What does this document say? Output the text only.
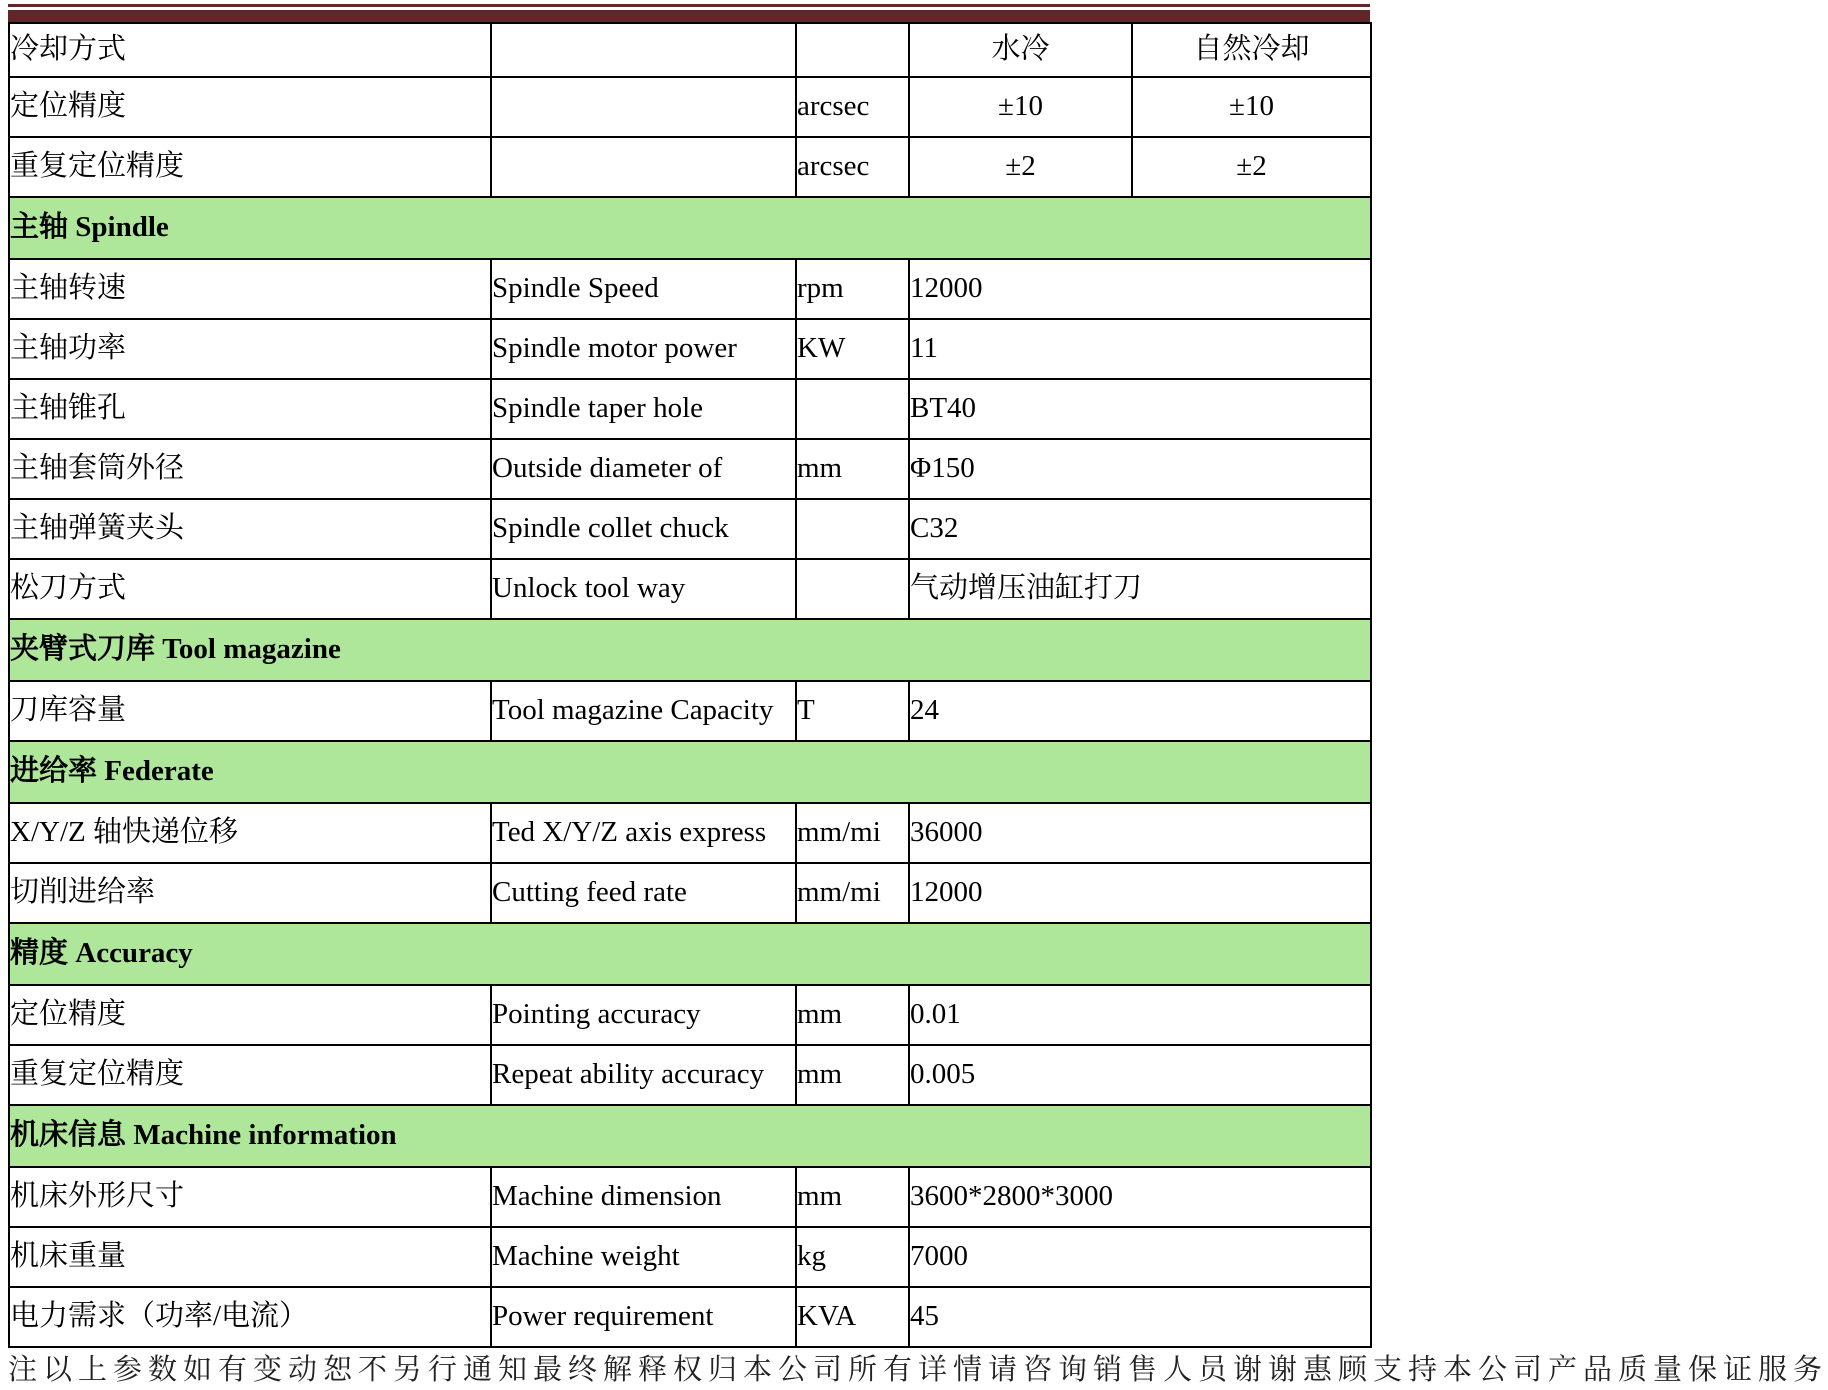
冷却方式			水冷	自然冷却
定位精度		arcsec	±10	±10
重复定位精度		arcsec	±2	±2
主轴 Spindle				
主轴转速	Spindle Speed	rpm	12000	
主轴功率	Spindle motor power	KW	11	
主轴锥孔	Spindle taper hole		BT40	
主轴套筒外径	Outside diameter of	mm	Φ150	
主轴弹簧夹头	Spindle collet chuck		C32	
松刀方式	Unlock tool way		气动增压油缸打刀	
夹臂式刀库 Tool magazine				
刀库容量	Tool magazine Capacity	T	24	
进给率 Federate				
X/Y/Z 轴快递位移	Ted X/Y/Z axis express	mm/mi	36000	
切削进给率	Cutting feed rate	mm/mi	12000	
精度 Accuracy				
定位精度	Pointing accuracy	mm	0.01	
重复定位精度	Repeat ability accuracy	mm	0.005	
机床信息 Machine information				
机床外形尺寸	Machine dimension	mm	3600*2800*3000	
机床重量	Machine weight	kg	7000	
电力需求（功率/电流）	Power requirement	KVA	45	
注以上参数如有变动恕不另行通知最终解释权归本公司所有详情请咨询销售人员谢谢惠顾支持本公司产品质量保证服务
